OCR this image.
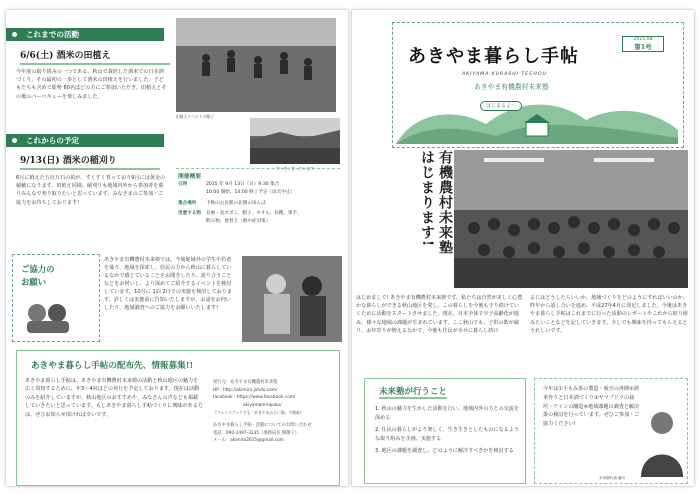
これまでの活動
6/6(土) 酒米の田植え
今年度の取り組みの一つである、秋山で栽培した酒米での日本酒づくり。その最初の一歩として酒米の田植えを行いました。子どもたちも含めて総勢 60名ほどの方にご参加いただき、田植えとその後のバーベキューを楽しみました。
田植えイベントの様子
これからの予定
9/13(日) 酒米の稲刈り
6月に植えた五百万石の苗が、すくすく育っており9月には黄金の稲穂になります。田植え同様、稲刈りも地域内外から参加者を募りみんなで刈り取りたいと思っています。みなさまのご参加・ご協力をお待ちしております!
すくすく育っています
開催概要
日時	2015 年 9月 13日（日）9:30 集合
10:00 開始、14:00 終了予定（雨天中止）
集合場所	下秋山公民館の北側の田んぼ
用意する物	長袖・長ズボン、帽子、タオル、長靴、軍手、
飲み物、着替え（熱中症対策）
ご協力の
お願い
あきやま有機農村未来塾では、今後地域外の学生や若者を募り、地域を探索し、住民の方から秋山に暮らしているなかで感じていることをお聞きしたり、語り合うことなどをお伺いし、より深めてご紹介するイベントを検討しています。10月に 1泊 2日での実施を検討しております。詳しくは実施前に告知いたしますが、お話をお伺いしたり、地域調査へのご協力をお願いいたします!
あきやま暮らし手帖の配布先、情報募集!!
あきやま暮らし手帖は、あきやま有機農村未来塾の活動と秋山地区の魅力を広く周知するために、年3〜4回ほどの発行を予定しております。現在は活動のみを紹介していますが、秋山地区のおすすめや、みなさんの声なども掲載していきたいと思っています。もしあきやま暮らし手帖づくりに興味がある方は、ぜひお知らせ頂ければ幸いです。
発行元：あきやま有機農村未来塾
HP : http://akimira.jimdo.com/
facebook : https://www.facebook.com/
akiyamamirajuku/
（フェイスブックでも「あきやまみらい塾」で検索）
あきやま暮らし手帖・活動についてのお問い合わせ
電話：090-2497-3135（事務局長 関敬子）
メール：akimira2015@gmail.com
あきやま暮らし手帖
2015.08
第1号
AKIYAMA KURASHI TECHOU
あきやま有機農村未来塾
はじまるよ〜

有機農村未来塾
はじまります!
はじめまして! あきやま有機農村未来塾です。私たちは自然が美しく心豊かな暮らしができる秋山地区を愛し、この暮らしを今後も守り続けていくために活動をスタートさせました。現在、日本全体で少子高齢化が進み、様々な地域の課題が生まれています。ここ秋山でも、子供の数が減り、お年寄りが増えるなかで、今後も住民が幸せに暮らし続け
るにはどうしたらいいか、地域づくりをどのようにすればいいのか、昨年から話し合いを進め、平成27年4月に発足しました。今後はあきやま暮らし手帖はこれまでに行った活動のレポートやこれから取り組みたいことなどを記していきます。少しでも興味を持ってもらえるとうれしいです。
未来塾が行うこと
1. 秋山の魅力を生かした活動を行い、地域内外の方との交流を深める
2. 住民の暮らしがより楽しく、生き生きとしたものになるような取り組みを企画、実施する
3. 地区の課題を調査し、どのように解決すべきかを検討する
今年は①手もみ茶の製造・販売の再開②酒米作りと日本酒づくり③ヤマブドウの栽培・ワインの醸造④地域課題の調査と解決策の検討を行っています。ぜひご参加・ご協力ください!
未来塾代表 藤川
